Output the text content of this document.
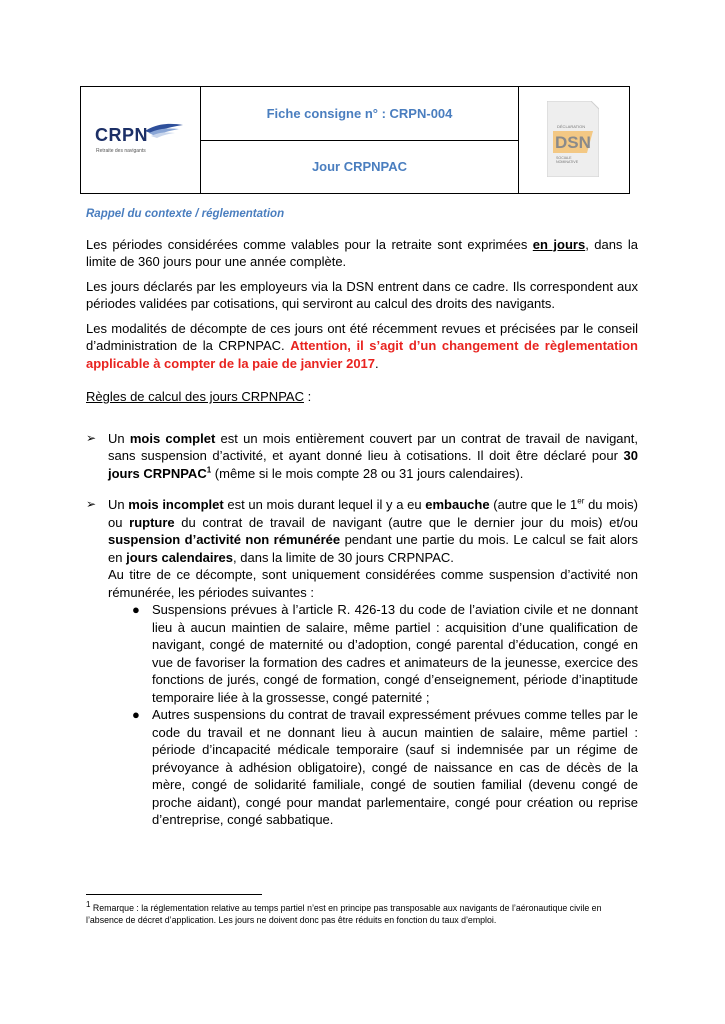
CRPN
Retraite des navigants
Fiche consigne n° : CRPN-004
Jour CRPNPAC
DÉCLARATION
DSN
SOCIALE
NOMINATIVE
Rappel du contexte / réglementation

Les périodes considérées comme valables pour la retraite sont exprimées en jours, dans la limite de 360 jours pour une année complète.

Les jours déclarés par les employeurs via la DSN entrent dans ce cadre. Ils correspondent aux périodes validées par cotisations, qui serviront au calcul des droits des navigants.

Les modalités de décompte de ces jours ont été récemment revues et précisées par le conseil d’administration de la CRPNPAC. Attention, il s’agit d’un changement de règlementation applicable à compter de la paie de janvier 2017.

Règles de calcul des jours CRPNPAC :

➢ Un mois complet est un mois entièrement couvert par un contrat de travail de navigant, sans suspension d’activité, et ayant donné lieu à cotisations. Il doit être déclaré pour 30 jours CRPNPAC$^1$ (même si le mois compte 28 ou 31 jours calendaires).
➢ Un mois incomplet est un mois durant lequel il y a eu embauche (autre que le 1er du mois) ou rupture du contrat de travail de navigant (autre que le dernier jour du mois) et/ou suspension d’activité non rémunérée pendant une partie du mois. Le calcul se fait alors en jours calendaires, dans la limite de 30 jours CRPNPAC.
Au titre de ce décompte, sont uniquement considérées comme suspension d’activité non rémunérée, les périodes suivantes :
● Suspensions prévues à l’article R. 426-13 du code de l’aviation civile et ne donnant lieu à aucun maintien de salaire, même partiel : acquisition d’une qualification de navigant, congé de maternité ou d’adoption, congé parental d’éducation, congé en vue de favoriser la formation des cadres et animateurs de la jeunesse, exercice des fonctions de jurés, congé de formation, congé d’enseignement, période d’inaptitude temporaire liée à la grossesse, congé paternité ;
● Autres suspensions du contrat de travail expressément prévues comme telles par le code du travail et ne donnant lieu à aucun maintien de salaire, même partiel : période d’incapacité médicale temporaire (sauf si indemnisée par un régime de prévoyance à adhésion obligatoire), congé de naissance en cas de décès de la mère, congé de solidarité familiale, congé de soutien familial (devenu congé de proche aidant), congé pour mandat parlementaire, congé pour création ou reprise d’entreprise, congé sabbatique.
$^1$ Remarque : la réglementation relative au temps partiel n’est en principe pas transposable aux navigants de l’aéronautique civile en l’absence de décret d’application. Les jours ne doivent donc pas être réduits en fonction du taux d’emploi.
